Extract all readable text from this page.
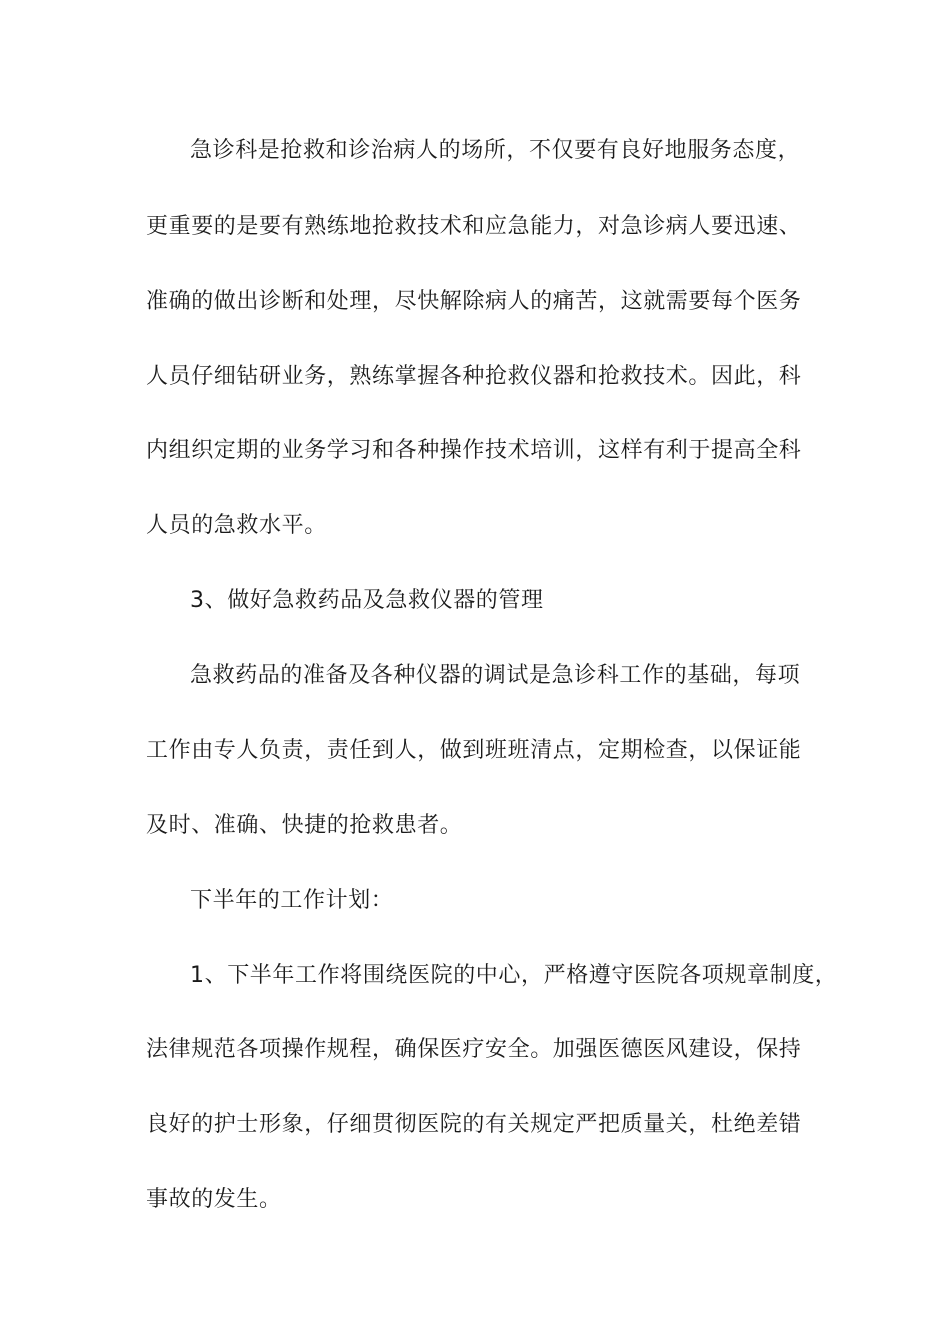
急诊科是抢救和诊治病人的场所，不仅要有良好地服务态度，

更重要的是要有熟练地抢救技术和应急能力，对急诊病人要迅速、

准确的做出诊断和处理，尽快解除病人的痛苦，这就需要每个医务

人员仔细钻研业务，熟练掌握各种抢救仪器和抢救技术。因此，科

内组织定期的业务学习和各种操作技术培训，这样有利于提高全科

人员的急救水平。

3、做好急救药品及急救仪器的管理

急救药品的准备及各种仪器的调试是急诊科工作的基础，每项

工作由专人负责，责任到人，做到班班清点，定期检查，以保证能

及时、准确、快捷的抢救患者。

下半年的工作计划：

1、下半年工作将围绕医院的中心，严格遵守医院各项规章制度，

法律规范各项操作规程，确保医疗安全。加强医德医风建设，保持

良好的护士形象，仔细贯彻医院的有关规定严把质量关，杜绝差错

事故的发生。
